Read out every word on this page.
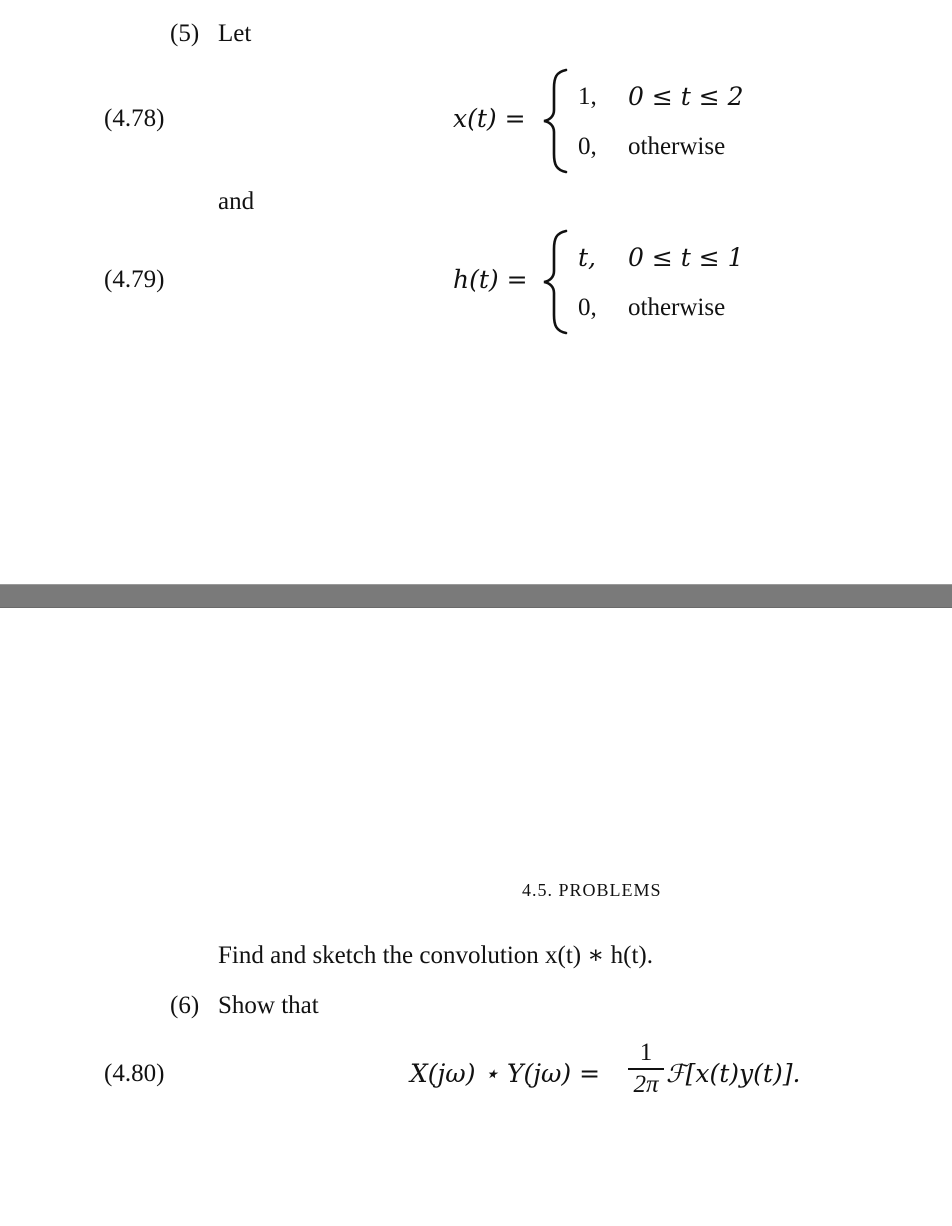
(5) Let
(4.78)	x(t) =
1, 0 ≤ t ≤ 2
0, otherwise
and
(4.79)	h(t) =
t, 0 ≤ t ≤ 1
0, otherwise
4.5. PROBLEMS
Find and sketch the convolution x(t) ∗ h(t).
(6) Show that
(4.80)	X(jω) ⋆ Y(jω) =
1
2π ℱ[x(t)y(t)].
